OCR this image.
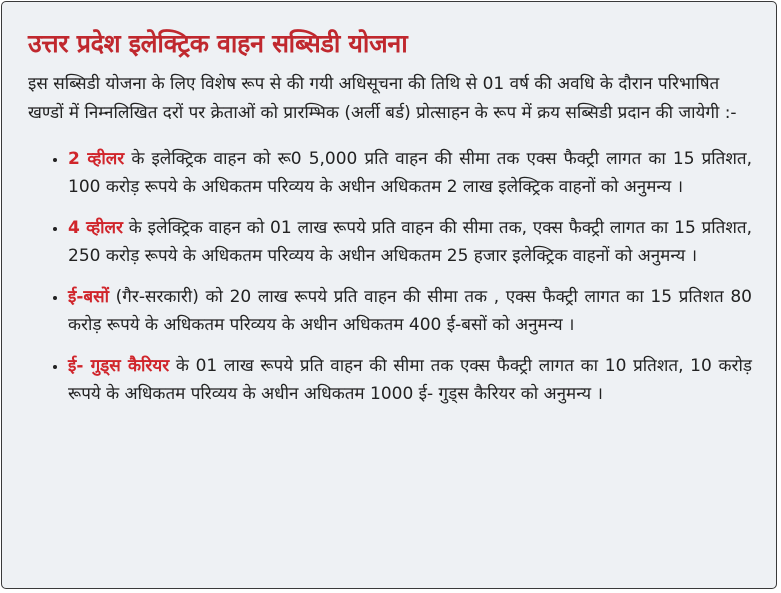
उत्तर प्रदेश इलेक्ट्रिक वाहन सब्सिडी योजना

इस सब्सिडी योजना के लिए विशेष रूप से की गयी अधिसूचना की तिथि से 01 वर्ष की अवधि के दौरान परिभाषित खण्डों में निम्नलिखित दरों पर क्रेताओं को प्रारम्भिक (अर्ली बर्ड) प्रोत्साहन के रूप में क्रय सब्सिडी प्रदान की जायेगी :-

• 2 व्हीलर के इलेक्ट्रिक वाहन को रू0 5,000 प्रति वाहन की सीमा तक एक्स फैक्ट्री लागत का 15 प्रतिशत, 100 करोड़ रूपये के अधिकतम परिव्यय के अधीन अधिकतम 2 लाख इलेक्ट्रिक वाहनों को अनुमन्य ।
• 4 व्हीलर के इलेक्ट्रिक वाहन को 01 लाख रूपये प्रति वाहन की सीमा तक, एक्स फैक्ट्री लागत का 15 प्रतिशत, 250 करोड़ रूपये के अधिकतम परिव्यय के अधीन अधिकतम 25 हजार इलेक्ट्रिक वाहनों को अनुमन्य ।
• ई-बसों (गैर-सरकारी) को 20 लाख रूपये प्रति वाहन की सीमा तक , एक्स फैक्ट्री लागत का 15 प्रतिशत 80 करोड़ रूपये के अधिकतम परिव्यय के अधीन अधिकतम 400 ई-बसों को अनुमन्य ।
• ई- गुड्स कैरियर के 01 लाख रूपये प्रति वाहन की सीमा तक एक्स फैक्ट्री लागत का 10 प्रतिशत, 10 करोड़ रूपये के अधिकतम परिव्यय के अधीन अधिकतम 1000 ई- गुड्स कैरियर को अनुमन्य ।
